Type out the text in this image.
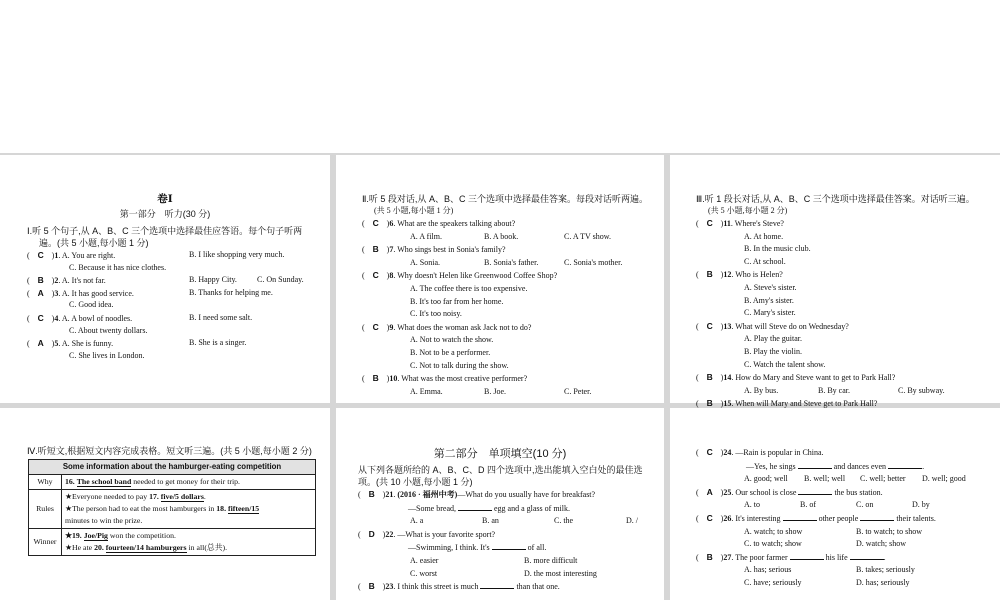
卷Ⅰ
第一部分　听力(30 分)
Ⅰ.听 5 个句子,从 A、B、C 三个选项中选择最佳应答语。每个句子听两
遍。(共 5 小题,每小题 1 分)
( C )1. A. You are right.	B. I like shopping very much.
C. Because it has nice clothes.
( B )2. A. It's not far.	B. Happy City.	C. On Sunday.
( A )3. A. It has good service.	B. Thanks for helping me.
C. Good idea.
( C )4. A. A bowl of noodles.	B. I need some salt.
C. About twenty dollars.
( A )5. A. She is funny.	B. She is a singer.
C. She lives in London.
Ⅱ.听 5 段对话,从 A、B、C 三个选项中选择最佳答案。每段对话听两遍。
(共 5 小题,每小题 1 分)
( C )6. What are the speakers talking about?
A. A film.	B. A book.	C. A TV show.
( B )7. Who sings best in Sonia's family?
A. Sonia.	B. Sonia's father.	C. Sonia's mother.
( C )8. Why doesn't Helen like Greenwood Coffee Shop?
A. The coffee there is too expensive.
B. It's too far from her home.
C. It's too noisy.
( C )9. What does the woman ask Jack not to do?
A. Not to watch the show.
B. Not to be a performer.
C. Not to talk during the show.
( B )10. What was the most creative performer?
A. Emma.	B. Joe.	C. Peter.
Ⅲ.听 1 段长对话,从 A、B、C 三个选项中选择最佳答案。对话听三遍。
(共 5 小题,每小题 2 分)
( C )11. Where's Steve?
A. At home.
B. In the music club.
C. At school.
( B )12. Who is Helen?
A. Steve's sister.
B. Amy's sister.
C. Mary's sister.
( C )13. What will Steve do on Wednesday?
A. Play the guitar.
B. Play the violin.
C. Watch the talent show.
( B )14. How do Mary and Steve want to get to Park Hall?
A. By bus.	B. By car.	C. By subway.
( B )15. When will Mary and Steve get to Park Hall?
Ⅳ.听短文,根据短文内容完成表格。短文听三遍。(共 5 小题,每小题 2 分)
Some information about the hamburger-eating competition	
Why	16. The school band needed to get money for their trip.
Rules	★Everyone needed to pay 17. five/5 dollars.
★The person had to eat the most hamburgers in 18. fifteen/15
minutes to win the prize.

Winner	★19. Joe/Pig won the competition.
★He ate 20. fourteen/14 hamburgers in all(总共).
第二部分　单项填空(10 分)
从下列各题所给的 A、B、C、D 四个选项中,选出能填入空白处的最佳选
项。(共 10 小题,每小题 1 分)
( B )21. (2016 · 福州中考)—What do you usually have for breakfast?
—Some bread,	egg and a glass of milk.
A. a	B. an	C. the	D. /
( D )22. —What is your favorite sport?
—Swimming, I think. It's	of all.
A. easier	B. more difficult
C. worst	D. the most interesting
( B )23. I think this street is much	than that one.
( C )24. —Rain is popular in China.
—Yes, he sings	and dances even	.
A. good; well B. well; well C. well; better D. well; good
( A )25. Our school is close	the bus station.
A. to	B. of	C. on	D. by
( C )26. It's interesting	other people	their talents.
A. watch; to show	B. to watch; to show
C. to watch; show	D. watch; show
( B )27. The poor farmer	his life	.
A. has; serious	B. takes; seriously
C. have; seriously	D. has; seriously
